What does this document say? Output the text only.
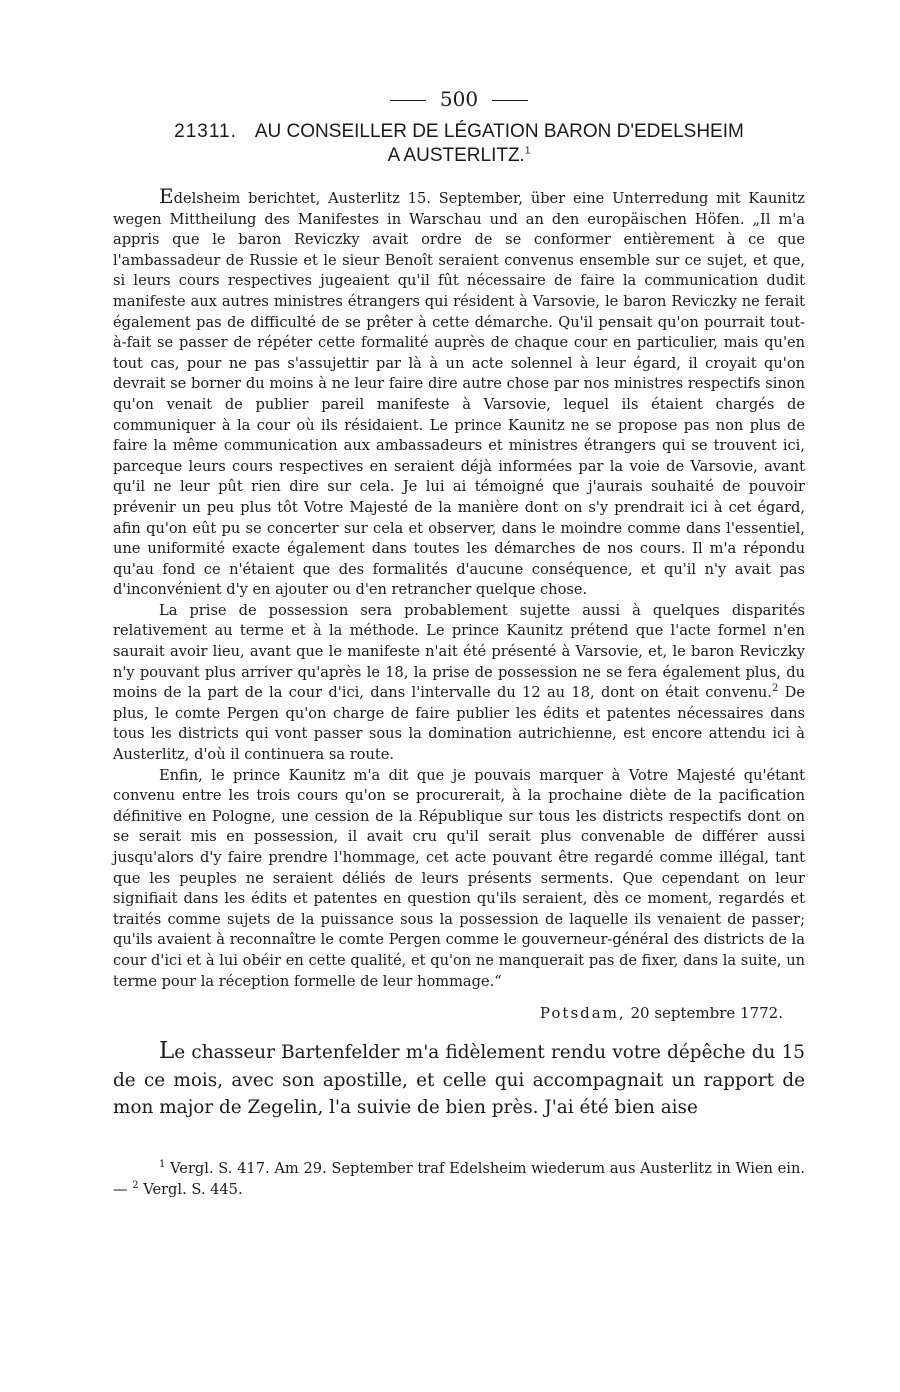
500
21311. AU CONSEILLER DE LÉGATION BARON D'EDELSHEIM
A AUSTERLITZ.$^1$

Edelsheim berichtet, Austerlitz 15. September, über eine Unterredung mit Kaunitz wegen Mittheilung des Manifestes in Warschau und an den europäischen Höfen. „Il m'a appris que le baron Reviczky avait ordre de se conformer entièrement à ce que l'ambassadeur de Russie et le sieur Benoît seraient convenus ensemble sur ce sujet, et que, si leurs cours respectives jugeaient qu'il fût nécessaire de faire la communication dudit manifeste aux autres ministres étrangers qui résident à Varsovie, le baron Reviczky ne ferait également pas de difficulté de se prêter à cette démarche. Qu'il pensait qu'on pourrait tout-à-fait se passer de répéter cette formalité auprès de chaque cour en particulier, mais qu'en tout cas, pour ne pas s'assujettir par là à un acte solennel à leur égard, il croyait qu'on devrait se borner du moins à ne leur faire dire autre chose par nos ministres respectifs sinon qu'on venait de publier pareil manifeste à Varsovie, lequel ils étaient chargés de communiquer à la cour où ils résidaient. Le prince Kaunitz ne se propose pas non plus de faire la même communication aux ambassadeurs et ministres étrangers qui se trouvent ici, parceque leurs cours respectives en seraient déjà informées par la voie de Varsovie, avant qu'il ne leur pût rien dire sur cela. Je lui ai témoigné que j'aurais souhaité de pouvoir prévenir un peu plus tôt Votre Majesté de la manière dont on s'y prendrait ici à cet égard, afin qu'on eût pu se concerter sur cela et observer, dans le moindre comme dans l'essentiel, une uniformité exacte également dans toutes les démarches de nos cours. Il m'a répondu qu'au fond ce n'étaient que des formalités d'aucune conséquence, et qu'il n'y avait pas d'inconvénient d'y en ajouter ou d'en retrancher quelque chose.

La prise de possession sera probablement sujette aussi à quelques disparités relativement au terme et à la méthode. Le prince Kaunitz prétend que l'acte formel n'en saurait avoir lieu, avant que le manifeste n'ait été présenté à Varsovie, et, le baron Reviczky n'y pouvant plus arriver qu'après le 18, la prise de possession ne se fera également plus, du moins de la part de la cour d'ici, dans l'intervalle du 12 au 18, dont on était convenu.$^2$ De plus, le comte Pergen qu'on charge de faire publier les édits et patentes nécessaires dans tous les districts qui vont passer sous la domination autrichienne, est encore attendu ici à Austerlitz, d'où il continuera sa route.

Enfin, le prince Kaunitz m'a dit que je pouvais marquer à Votre Majesté qu'étant convenu entre les trois cours qu'on se procurerait, à la prochaine diète de la pacification définitive en Pologne, une cession de la République sur tous les districts respectifs dont on se serait mis en possession, il avait cru qu'il serait plus convenable de différer aussi jusqu'alors d'y faire prendre l'hommage, cet acte pouvant être regardé comme illégal, tant que les peuples ne seraient déliés de leurs présents serments. Que cependant on leur signifiait dans les édits et patentes en question qu'ils seraient, dès ce moment, regardés et traités comme sujets de la puissance sous la possession de laquelle ils venaient de passer; qu'ils avaient à reconnaître le comte Pergen comme le gouverneur-général des districts de la cour d'ici et à lui obéir en cette qualité, et qu'on ne manquerait pas de fixer, dans la suite, un terme pour la réception formelle de leur hommage.“

Potsdam, 20 septembre 1772.

Le chasseur Bartenfelder m'a fidèlement rendu votre dépêche du 15 de ce mois, avec son apostille, et celle qui accompagnait un rapport de mon major de Zegelin, l'a suivie de bien près. J'ai été bien aise

$^1$ Vergl. S. 417. Am 29. September traf Edelsheim wiederum aus Austerlitz in Wien ein. — $^2$ Vergl. S. 445.
